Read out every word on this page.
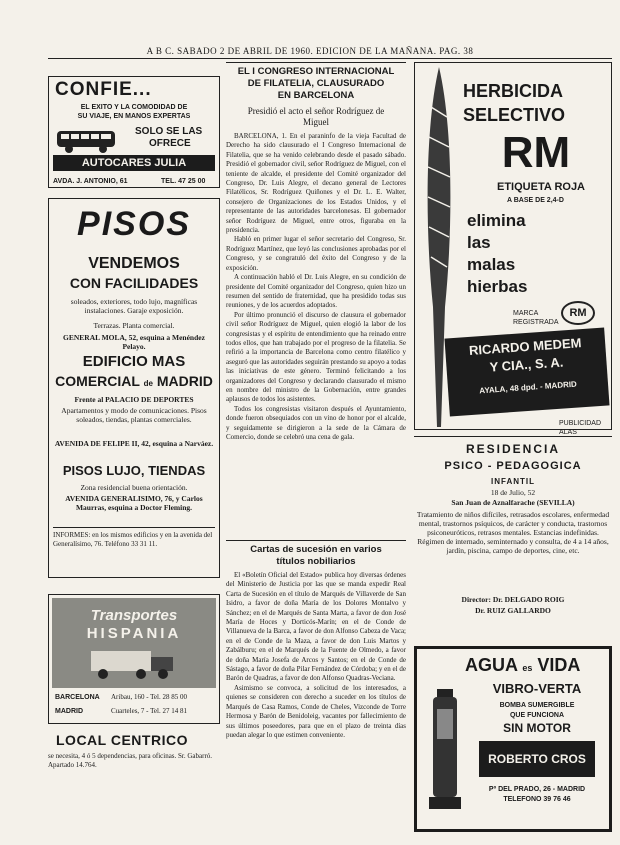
A B C. SABADO 2 DE ABRIL DE 1960. EDICION DE LA MAÑANA. PAG. 38
CONFIE...
EL EXITO Y LA COMODIDAD DE
SU VIAJE, EN MANOS EXPERTAS
SOLO SE LAS
OFRECE
AUTOCARES JULIA
AVDA. J. ANTONIO, 61	TEL. 47 25 00
PISOS
VENDEMOS
CON FACILIDADES
soleados, exteriores, todo lujo, magníficas instalaciones. Garaje exposición.
Terrazas. Planta comercial.
GENERAL MOLA, 52, esquina a Menéndez Pelayo.
EDIFICIO MAS
COMERCIAL de MADRID
Frente al PALACIO DE DEPORTES
Apartamentos y modo de comunicaciones. Pisos soleados, tiendas, plantas comerciales.
AVENIDA DE FELIPE II, 42, esquina a Narváez.
PISOS LUJO, TIENDAS
Zona residencial buena orientación.
AVENIDA GENERALISIMO, 76, y Carlos Maurras, esquina a Doctor Fleming.
INFORMES: en los mismos edificios y en la avenida del Generalísimo, 76. Teléfono 33 31 11.
Transportes
HISPANIA
BARCELONA Aribau, 160 - Tel. 28 85 00
MADRID	Cuarteles, 7 - Tel. 27 14 81
LOCAL CENTRICO
se necesita, 4 ó 5 dependencias, para oficinas. Sr. Gabarró. Apartado 14.764.
EL I CONGRESO INTERNACIONAL
DE FILATELIA, CLAUSURADO
EN BARCELONA
Presidió el acto el señor Rodríguez de Miguel

BARCELONA, 1. En el paraninfo de la vieja Facultad de Derecho ha sido clausurado el I Congreso Internacional de Filatelia, que se ha venido celebrando desde el pasado sábado. Presidió el gobernador civil, señor Rodríguez de Miguel, con el teniente de alcalde, el presidente del Comité organizador del Congreso, Dr. Luis Alegre, el decano general de Lectores Filatélicos, Sr. Rodríguez Quiñones y el Dr. L. E. Walter, consejero de Organizaciones de los Estados Unidos, y el representante de las autoridades barcelonesas. El gobernador señor Rodríguez de Miguel, entre otros, figuraba en la presidencia.

Habló en primer lugar el señor secretario del Congreso, Sr. Rodríguez Martínez, que leyó las conclusiones aprobadas por el Congreso, y se congratuló del éxito del Congreso y de la exposición.

A continuación habló el Dr. Luis Alegre, en su condición de presidente del Comité organizador del Congreso, quien hizo un resumen del sentido de fraternidad, que ha presidido todas sus reuniones, y de los acuerdos adoptados.

Por último pronunció el discurso de clausura el gobernador civil señor Rodríguez de Miguel, quien elogió la labor de los congresistas y el espíritu de entendimiento que ha reinado entre todos ellos, que han trabajado por el progreso de la filatelia. Se refirió a la importancia de Barcelona como centro filatélico y aseguró que las autoridades seguirán prestando su apoyo a todas las iniciativas de este género. Terminó felicitando a los organizadores del Congreso y declarando clausurado el mismo en nombre del ministro de la Gobernación, entre grandes aplausos de todos los asistentes.

Todos los congresistas visitaron después el Ayuntamiento, donde fueron obsequiados con un vino de honor por el alcalde, y seguidamente se dirigieron a la sede de la Cámara de Comercio, donde se celebró una cena de gala.

Cartas de sucesión en varios
títulos nobiliarios

El «Boletín Oficial del Estado» publica hoy diversas órdenes del Ministerio de Justicia por las que se manda expedir Real Carta de Sucesión en el título de Marqués de Villaverde de San Isidro, a favor de doña María de los Dolores Montalvo y Sánchez; en el de Marqués de Santa Marta, a favor de don José María de Hoces y Dorticós-Marín; en el de Conde de Villanueva de la Barca, a favor de don Alfonso Cabeza de Vaca; en el de Conde de la Maza, a favor de don Luis Martos y Zabálburu; en el de Marqués de la Fuente de Olmedo, a favor de doña María Josefa de Arcos y Santos; en el de Conde de Sástago, a favor de doña Pilar Fernández de Córdoba; y en el de Barón de Quadras, a favor de don Alfonso Quadras-Veciana.

Asimismo se convoca, a solicitud de los interesados, a quienes se consideren con derecho a suceder en los títulos de Marqués de Casa Ramos, Conde de Cheles, Vizconde de Torre Hermosa y Barón de Benidoleig, vacantes por fallecimiento de sus últimos poseedores, para que en el plazo de treinta días puedan alegar lo que estimen conveniente.

HERBICIDA
SELECTIVO
RM
ETIQUETA ROJA
A BASE DE 2,4-D
elimina
las
malas
hierbas
MARCA REGISTRADA
RM
RICARDO MEDEM
Y CIA., S. A.
AYALA, 48 dpd. - MADRID
PUBLICIDAD ALAS
RESIDENCIA
PSICO - PEDAGOGICA
INFANTIL
18 de Julio, 52
San Juan de Aznalfarache (SEVILLA)
Tratamiento de niños difíciles, retrasados escolares, enfermedad mental, trastornos psíquicos, de carácter y conducta, trastornos psiconeuróticos, retrasos mentales. Estancias indefinidas. Régimen de internado, seminternado y consulta, de 4 a 14 años, jardín, piscina, campo de deportes, cine, etc.
Director: Dr. DELGADO ROIG
Dr. RUIZ GALLARDO
AGUA es VIDA
VIBRO-VERTA
BOMBA SUMERGIBLE
QUE FUNCIONA
SIN MOTOR
ROBERTO CROS
Pº DEL PRADO, 26 - MADRID
TELEFONO 39 76 46
